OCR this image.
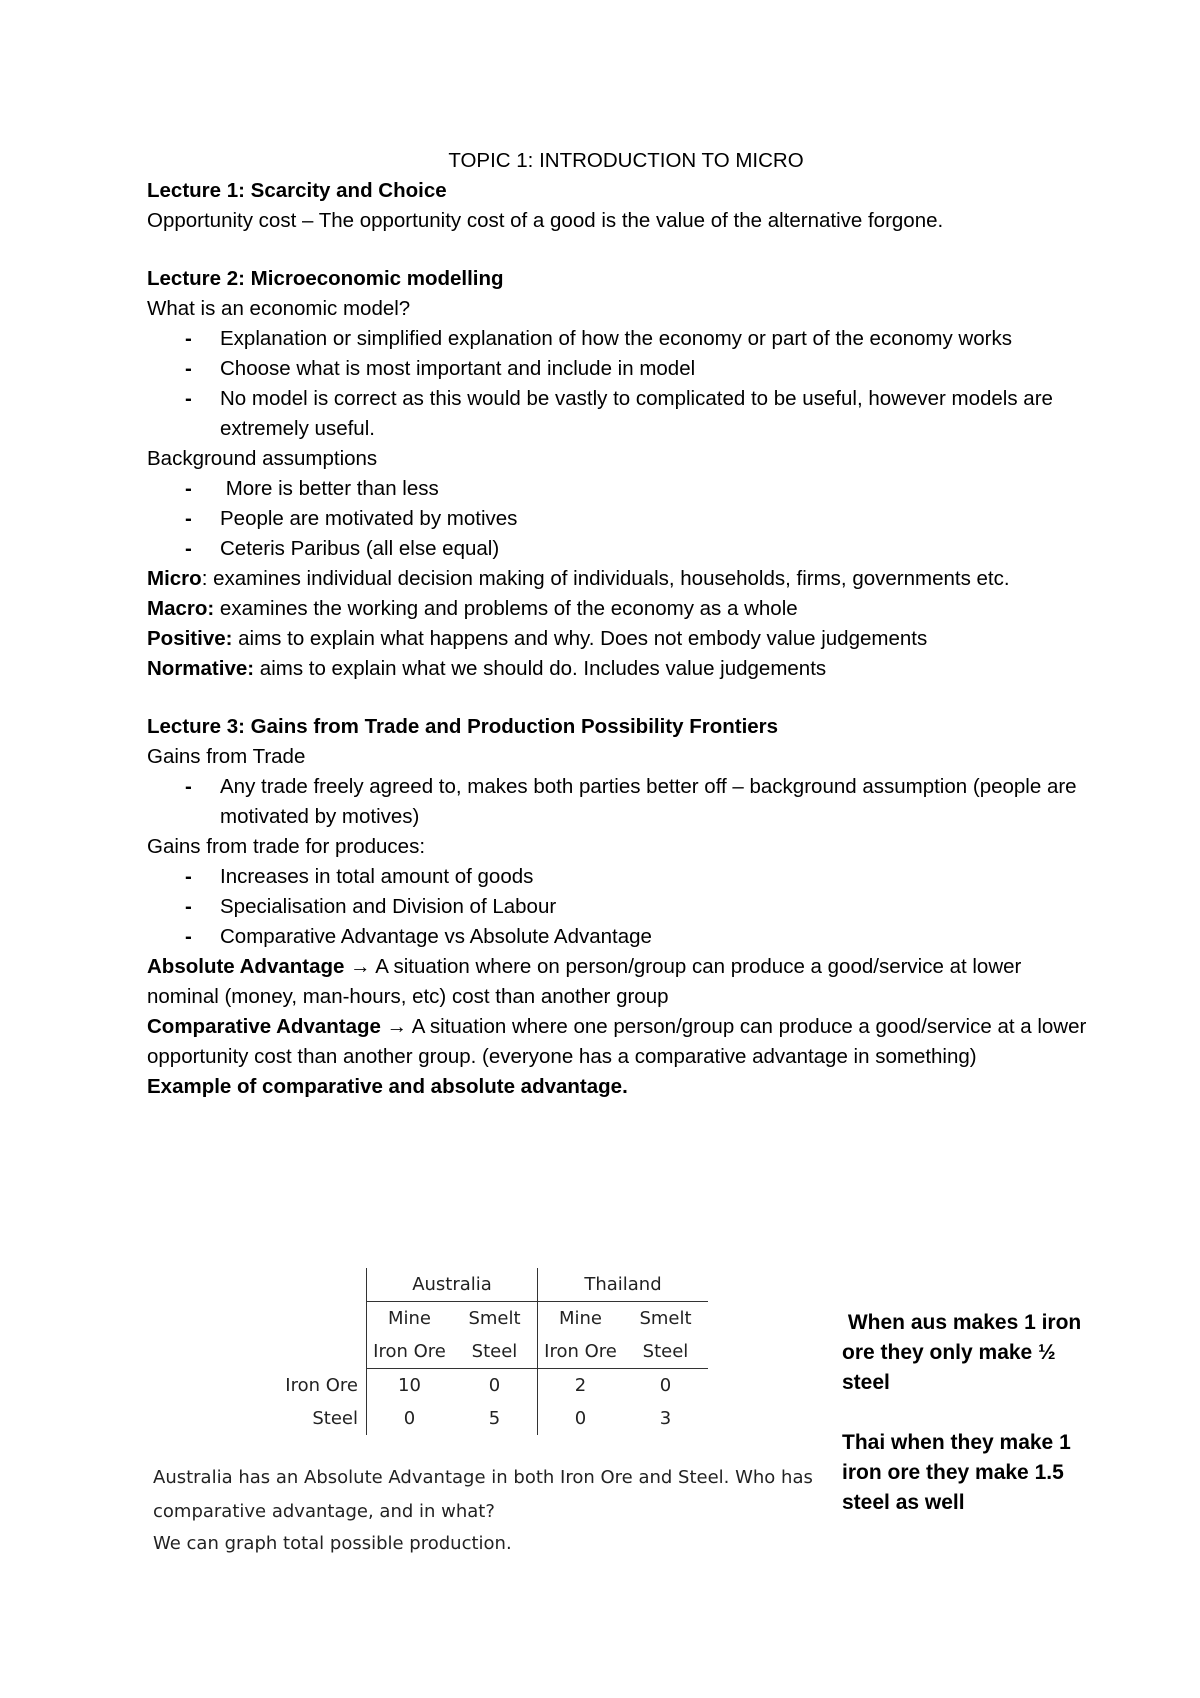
TOPIC 1: INTRODUCTION TO MICRO

Lecture 1: Scarcity and Choice

Opportunity cost – The opportunity cost of a good is the value of the alternative forgone.

Lecture 2: Microeconomic modelling

What is an economic model?

- Explanation or simplified explanation of how the economy or part of the economy works
- Choose what is most important and include in model
- No model is correct as this would be vastly to complicated to be useful, however models are extremely useful.

Background assumptions

-  More is better than less
- People are motivated by motives
- Ceteris Paribus (all else equal)

Micro: examines individual decision making of individuals, households, firms, governments etc.

Macro: examines the working and problems of the economy as a whole

Positive: aims to explain what happens and why. Does not embody value judgements

Normative: aims to explain what we should do. Includes value judgements

Lecture 3: Gains from Trade and Production Possibility Frontiers

Gains from Trade

- Any trade freely agreed to, makes both parties better off – background assumption (people are motivated by motives)

Gains from trade for produces:

- Increases in total amount of goods
- Specialisation and Division of Labour
- Comparative Advantage vs Absolute Advantage

Absolute Advantage → A situation where on person/group can produce a good/service at lower nominal (money, man-hours, etc) cost than another group

Comparative Advantage → A situation where one person/group can produce a good/service at a lower opportunity cost than another group. (everyone has a comparative advantage in something)

Example of comparative and absolute advantage.

	Australia		Thailand	
	Mine	Smelt	Mine	Smelt
	Iron Ore	Steel	Iron Ore	Steel
Iron Ore	10	0	2	0
Steel	0	5	0	3

Australia has an Absolute Advantage in both Iron Ore and Steel. Who has

comparative advantage, and in what?

We can graph total possible production.

When aus makes 1 iron ore they only make ½ steel

Thai when they make 1 iron ore they make 1.5 steel as well
